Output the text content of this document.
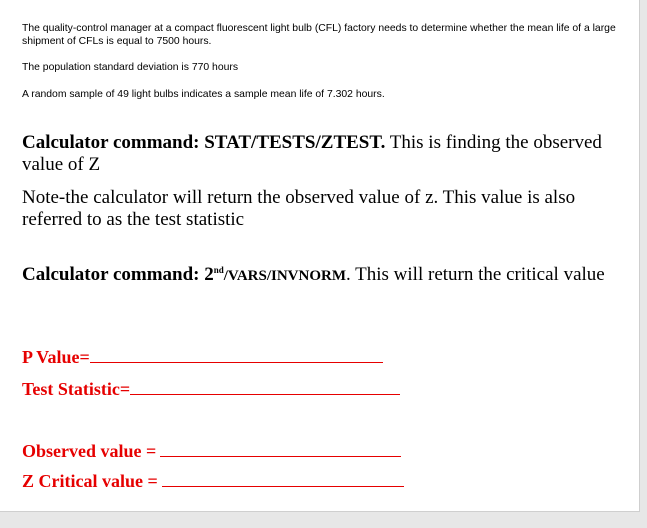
The quality-control manager at a compact fluorescent light bulb (CFL) factory needs to determine whether the mean life of a large shipment of CFLs is equal to 7500 hours.

The population standard deviation is 770 hours

A random sample of 49 light bulbs indicates a sample mean life of 7.302 hours.

Calculator command: STAT/TESTS/ZTEST. This is finding the observed value of Z

Note-the calculator will return the observed value of z. This value is also referred to as the test statistic

Calculator command: 2nd/VARS/INVNORM. This will return the critical value

P Value=

Test Statistic=

Observed value =

Z Critical value =
